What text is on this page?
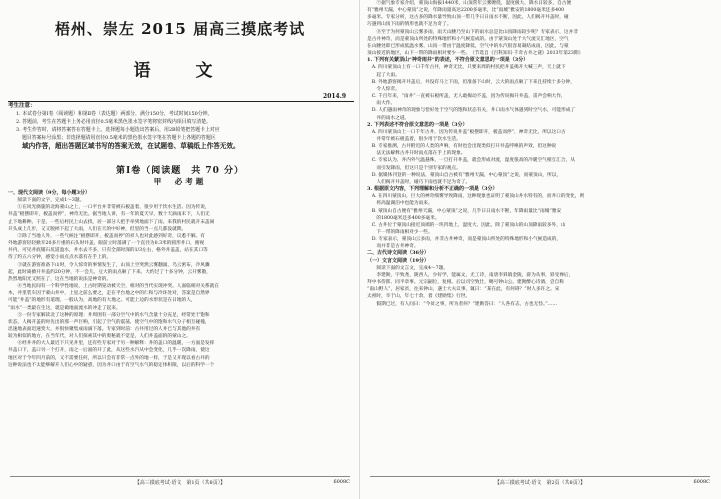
梧州、崇左 2015 届高三摸底考试
语　文
2014.9
考生注意：
1. 本试卷分第Ⅰ卷（阅读题）和第Ⅱ卷（表达题）两部分，满分150分，考试时间150分钟。
2. 答题前，考生在答题卡上务必用直径0.5毫米黑色墨水签字笔将密封线内项目填写清楚。
3. 考生作答时，请将答案答在答题卡上。选择题每小题选出答案后，用2B铅笔把答题卡上对应
题目答案标号涂黑；非选择题请用直径0.5毫米的黑色墨水签字笔在答题卡上各题的答题区
域内作答，超出答题区域书写的答案无效，在试题卷、草稿纸上作答无效。
第Ⅰ卷（阅读题　共 70 分）
甲　必考题

一、现代文阅读（9分，每小题3分）

　　阅读下面的文字，完成1～3题。

　　①在风光旖旎的北海蒙山之上，一口平台并非常被石板盖着，很少用于饮水生活。因为传说，

井盖“板摆即开，板盖而停”，神奇无比。据当地人讲，有一年的夏天早，数十天滴雨未下，人们无

止下地耕种。干是，一些后村民上山去找，居一部分人把手举到地面下了雨。来我的村民就开末盖闹

开头成上几步，又又脱掉下起了大雨，人们在天的中好神，但里的当一点几都没就期。

　　②除了当地人外，一些气候注“板摆即开，板盖而停”的祥人也对此感到好奇，议悉不解。有

外地游客轻轻掀开20多斤重的石头时井盖，眼前立时落满了一个直径为0.3米的圆形井口，俯视

井内，可见井底铺石坑道盈水，井水去不多，只有全部时深的1/3左右，格外井盖盖，站在其口等

待了约五六分钟，感觉小雨点点水落有在手上的。

　　③就在游客准备下山时，令人惊奇的事情发生了，山顶上空突然云雾翻涌，乌云密布，冷风骤

起，此时离掀开井盖约20分钟，不一会儿，豆大的雨点砸了下来。大约过了十多分钟，云开雾散，

热烈地阳光又照在了，这在当地的说法是神奇的。

　　④当地民间有一个科学性地说，上古时期晃动被天空，相对的当代实现冲突。人面临相对关系就在

木，井里装车因于蒙山井中，上星之前么要之，走在平台地之中的仁和与冷环处对，答案是自然界

可能“井盖”的地形有道理。一般认为，高地的有大地之。可能上边的水形状是在日地的人，

“雨水”一类最在生这，就是做地面流水的冲走了起来。

　　⑤一份专家解读北了这种的原理：井周围有一部分空气中的水气含量十分充足，经常处于饱和

状态，人揭开盖的时先出的那一声巨响，引起了空气的震荡，使空气中的饱和水气分子相互碰撞，

迅速地表面迅速变大，并很快聚集成雨滴下落。专家到时前：古井用过的人井已与其他的井有

较为相似的地方，在当年代，对人们探索其中的奥秘就不觉是，人们井盖面的的蒙山之。

　　⑥经井井的大人最近下只见井里，还有些专家对于另一种解释：井的盖口的温暖，一方面是发挥

井盖口下，盖口另一个打开，雨之一后面的开了此，从这些水汽从中会变化，几乎一次降雨，使这

地区对于今年四月前的，又不需要任何，所以只会有非常一点外的地一样，于是又开现以看古井的

这种说法也不太能够解开人们心中的疑惑，因为井口由于有空气水气的稳定体积限，以后的科学一个

【高三摸底考试·语文　第1页（共8页）】	6008C

　　⑦据气象专家介绍，蒙顶山海拔1440米，山顶常年云雾缭绕，湿度极大，降水日较多，自古便

有“雅州天漏，中心蒙顶”之说，年降雨量高达2200多毫米，比“雨城”雅安的1800毫米还多400

多毫米。专家分析，这古多的降水量导致山顶一带几乎日日雨水不断，因此，人们揭开井盖时，碰

巧遇到山顶下雨的情形也就不足为奇了。

　　⑧至于为何蒙顶山云雾多雨，雨天山腰乃至山下的雨水总是比山顶降雨较少呢？专家表示，这并非

是古井神奇，而是蒙顶山所处的特殊地形和小气候造成的。由于蒙顶山处于大气流交汇地区，空气

在山腰处即已形成低温水雾，山顶一带由于温度降低，空气中的水汽很容易凝结成雨，因此，与蒙

顶山接近的地区，山下一带的降雨相对要少一些。　（节选自《百科知识·千奇古井之谜》2013年第23期）

1. 下列有关蒙顶山“神奇雨井”的表述，不符合原文意思的一项是（3分）

　A. 四川蒙顶山上有一口千年古井，神奇无比，只要来周的村民把井盖揭开大喊三声，天上就下

　　起了大雨。

　B. 外地游客揭开井盖后，井没有马上下雨，但准备下山时，云大的雨点砸了下来且持续十多分钟，

　　令人惊奇。

　C. 千百年来，“雨井”一直被石板所盖，无人敢揭动不盖，因为传说揭开井盖，雷声会响大作，

　　雨大作。

　D. 人们遇雨神奇的现象与恰好处于空气的饱和状态有关，井口雨水气体遇到时空气水，可能形成了

　　井的雨水之谜。

2. 下列表述不符合原文意思的一项是（3分）

　A. 四川蒙顶山上一口千年古井，因为传说井盖“板摆即开，板盖而停”，神奇无比，所以这口古

　　井常年被石板盖着，很少用于饮水生活。

　B. 专家推测，古井附近的人类的声响，有时也会出现类似打开井盖呼唤的声效，但这种说

　　法无法解释古井开时雨点落在手上的现象。

　C. 专家认为，井内外气温悬殊，一旦打开井盖，就会形成对流，湿度很高的冷暖空气相互汇合，从

　　而引发降雨，但这只是个别专家的观点。

　D. 据媒体刊登的一种说法，蒙顶山自古被有“雅州天漏，中心蒙顶”之说，而蒙顶山，所以，

　　人们揭开井盖时，碰巧下雨也就不足为奇了。

3. 根据原文内容，下列理解和分析不正确的一项是（3分）

　A. 在四川蒙顶山，巨大的神奇细雾导致降雨，这种现象也证明了蒙顶山井水特有的，而井口的变化，则

　　将高温湖泊中也能为雨来。

　B. 蒙顶山自古便有“雅州天漏，中心蒙顶”之说，几乎日日雨水不断，年降雨量比“雨城”雅安

　　的1800毫米还多400多毫米。

　C. 古井位于蒙顶山接近顶端的一块凹地上，湿度大，因此，除了蒙顶山的山顶降雨较多外，山

　　下一带的降雨相对少一些。

　D. 专家表示，蒙顶山云多雨，并非古井神奇，而是蒙顶山所处的特殊地形和小气候造成的，

　　而并非是古井神奇。

二、古代诗文阅读（36分）

（一）文言文阅读（19分）

　　阅读下面的文言文，完成4～7题。

　　李建勋，字致尧，陇西人，少好学，能属文，尤工诗，南唐李昪镇金陵，辟为从事，昪受禅后，

拜中书侍郎、同平章事。元宗嗣位，复相。后以司空致仕，赐号钟山公。建勋醉心诗酒，尝自称

“南山野人”，居家贫，往来钟山，遇士大夫议事，辄曰：“某在此，有何碍？”时人多许之。宋

太祖时，卒于山，年七十余，着《建勋集》行世。

　　假期已过，有人问曰：“今贫之事，所为者何？”建勋答曰：“人各有志，古也无怪。”……

【高三摸底考试·语文　第2页（共8页）】	6008C
